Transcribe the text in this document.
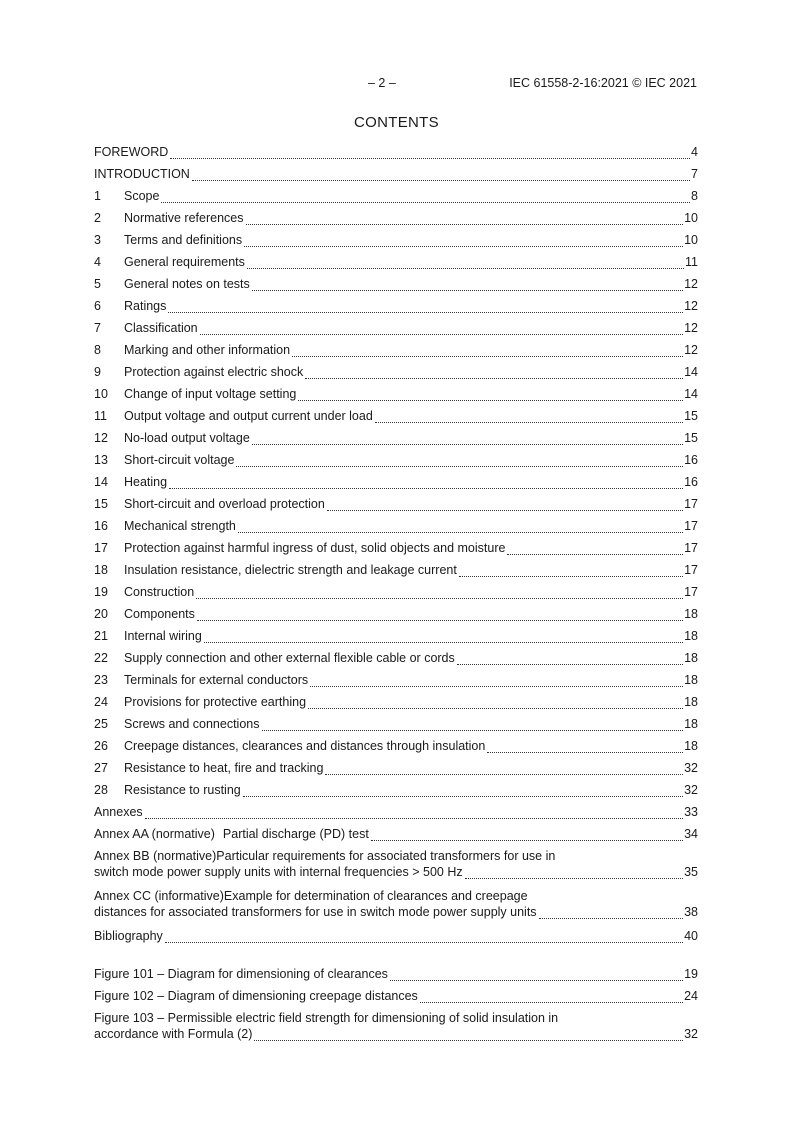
– 2 –	IEC 61558-2-16:2021 © IEC 2021
CONTENTS
FOREWORD	4
INTRODUCTION	7
1	Scope	8
2	Normative references	10
3	Terms and definitions	10
4	General requirements	11
5	General notes on tests	12
6	Ratings	12
7	Classification	12
8	Marking and other information	12
9	Protection against electric shock	14
10	Change of input voltage setting	14
11	Output voltage and output current under load	15
12	No-load output voltage	15
13	Short-circuit voltage	16
14	Heating	16
15	Short-circuit and overload protection	17
16	Mechanical strength	17
17	Protection against harmful ingress of dust, solid objects and moisture	17
18	Insulation resistance, dielectric strength and leakage current	17
19	Construction	17
20	Components	18
21	Internal wiring	18
22	Supply connection and other external flexible cable or cords	18
23	Terminals for external conductors	18
24	Provisions for protective earthing	18
25	Screws and connections	18
26	Creepage distances, clearances and distances through insulation	18
27	Resistance to heat, fire and tracking	32
28	Resistance to rusting	32
Annexes	33
Annex AA (normative) Partial discharge (PD) test	34
Annex BB (normative)Particular requirements for associated transformers for use in
switch mode power supply units with internal frequencies > 500 Hz	35
Annex CC (informative)Example for determination of clearances and creepage
distances for associated transformers for use in switch mode power supply units	38
Bibliography	40
Figure 101 – Diagram for dimensioning of clearances	19
Figure 102 – Diagram of dimensioning creepage distances	24
Figure 103 – Permissible electric field strength for dimensioning of solid insulation in
accordance with Formula (2)	32
